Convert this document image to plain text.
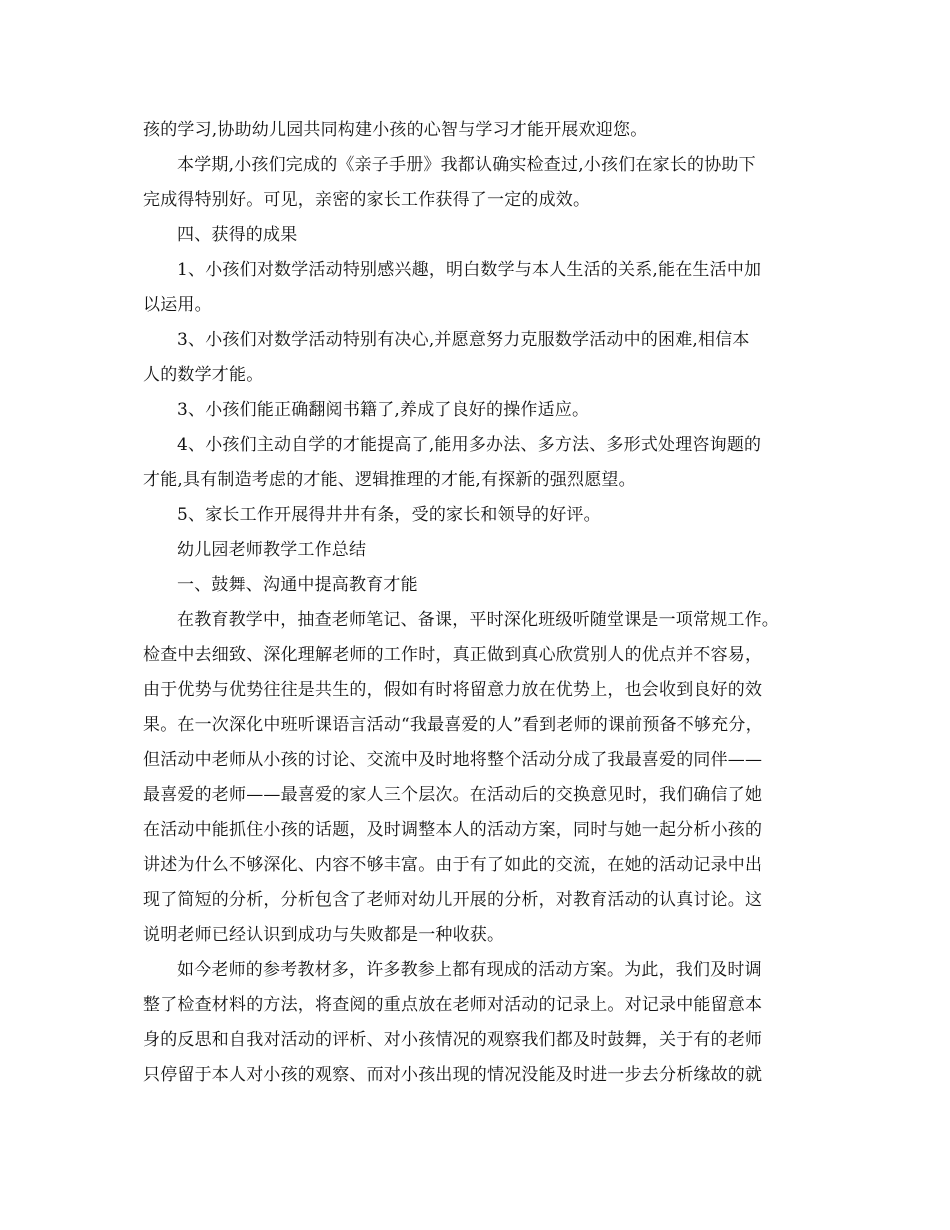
孩的学习,协助幼儿园共同构建小孩的心智与学习才能开展欢迎您。
本学期,小孩们完成的《亲子手册》我都认确实检查过,小孩们在家长的协助下
完成得特别好。可见，亲密的家长工作获得了一定的成效。
四、获得的成果
1、小孩们对数学活动特别感兴趣，明白数学与本人生活的关系,能在生活中加
以运用。
3、小孩们对数学活动特别有决心,并愿意努力克服数学活动中的困难,相信本
人的数学才能。
3、小孩们能正确翻阅书籍了,养成了良好的操作适应。
4、小孩们主动自学的才能提高了,能用多办法、多方法、多形式处理咨询题的
才能,具有制造考虑的才能、逻辑推理的才能,有探新的强烈愿望。
5、家长工作开展得井井有条，受的家长和领导的好评。
幼儿园老师教学工作总结
一、鼓舞、沟通中提高教育才能
在教育教学中，抽查老师笔记、备课，平时深化班级听随堂课是一项常规工作。
检查中去细致、深化理解老师的工作时，真正做到真心欣赏别人的优点并不容易，
由于优势与优势往往是共生的，假如有时将留意力放在优势上，也会收到良好的效
果。在一次深化中班听课语言活动“我最喜爱的人”看到老师的课前预备不够充分，
但活动中老师从小孩的讨论、交流中及时地将整个活动分成了我最喜爱的同伴——
最喜爱的老师——最喜爱的家人三个层次。在活动后的交换意见时，我们确信了她
在活动中能抓住小孩的话题，及时调整本人的活动方案，同时与她一起分析小孩的
讲述为什么不够深化、内容不够丰富。由于有了如此的交流，在她的活动记录中出
现了简短的分析，分析包含了老师对幼儿开展的分析，对教育活动的认真讨论。这
说明老师已经认识到成功与失败都是一种收获。
如今老师的参考教材多，许多教参上都有现成的活动方案。为此，我们及时调
整了检查材料的方法，将查阅的重点放在老师对活动的记录上。对记录中能留意本
身的反思和自我对活动的评析、对小孩情况的观察我们都及时鼓舞，关于有的老师
只停留于本人对小孩的观察、而对小孩出现的情况没能及时进一步去分析缘故的就
